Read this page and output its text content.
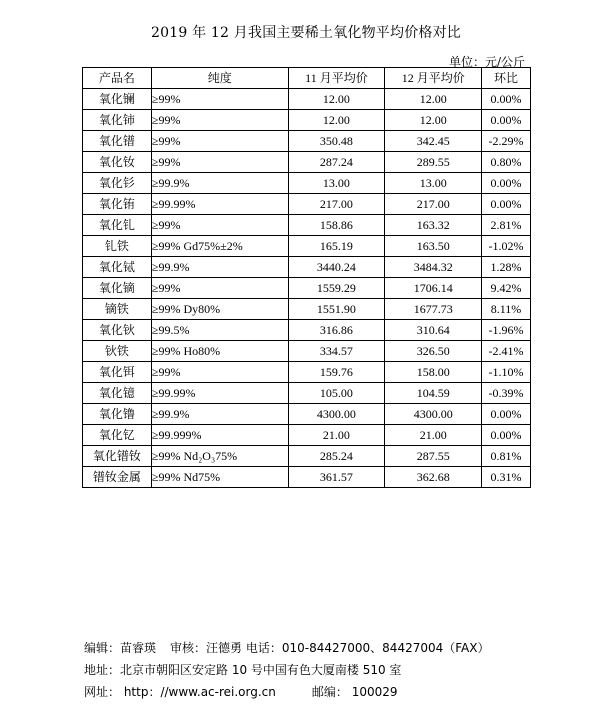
2019 年 12 月我国主要稀土氧化物平均价格对比
单位：元/公斤
产品名	纯度	11 月平均价	12 月平均价	环比
氧化镧	≥99%	12.00	12.00	0.00%
氧化铈	≥99%	12.00	12.00	0.00%
氧化镨	≥99%	350.48	342.45	-2.29%
氧化钕	≥99%	287.24	289.55	0.80%
氧化钐	≥99.9%	13.00	13.00	0.00%
氧化铕	≥99.99%	217.00	217.00	0.00%
氧化钆	≥99%	158.86	163.32	2.81%
钆铁	≥99% Gd75%±2%	165.19	163.50	-1.02%
氧化铽	≥99.9%	3440.24	3484.32	1.28%
氧化镝	≥99%	1559.29	1706.14	9.42%
镝铁	≥99% Dy80%	1551.90	1677.73	8.11%
氧化钬	≥99.5%	316.86	310.64	-1.96%
钬铁	≥99% Ho80%	334.57	326.50	-2.41%
氧化铒	≥99%	159.76	158.00	-1.10%
氧化镱	≥99.99%	105.00	104.59	-0.39%
氧化镥	≥99.9%	4300.00	4300.00	0.00%
氧化钇	≥99.999%	21.00	21.00	0.00%
氧化镨钕	≥99% Nd₂O₃75%	285.24	287.55	0.81%
镨钕金属	≥99% Nd75%	361.57	362.68	0.31%
编辑：苗睿瑛 审核：汪德勇 电话：010-84427000、84427004（FAX）
地址：北京市朝阳区安定路 10 号中国有色大厦南楼 510 室
网址： http：//www.ac-rei.org.cn	邮编： 100029
